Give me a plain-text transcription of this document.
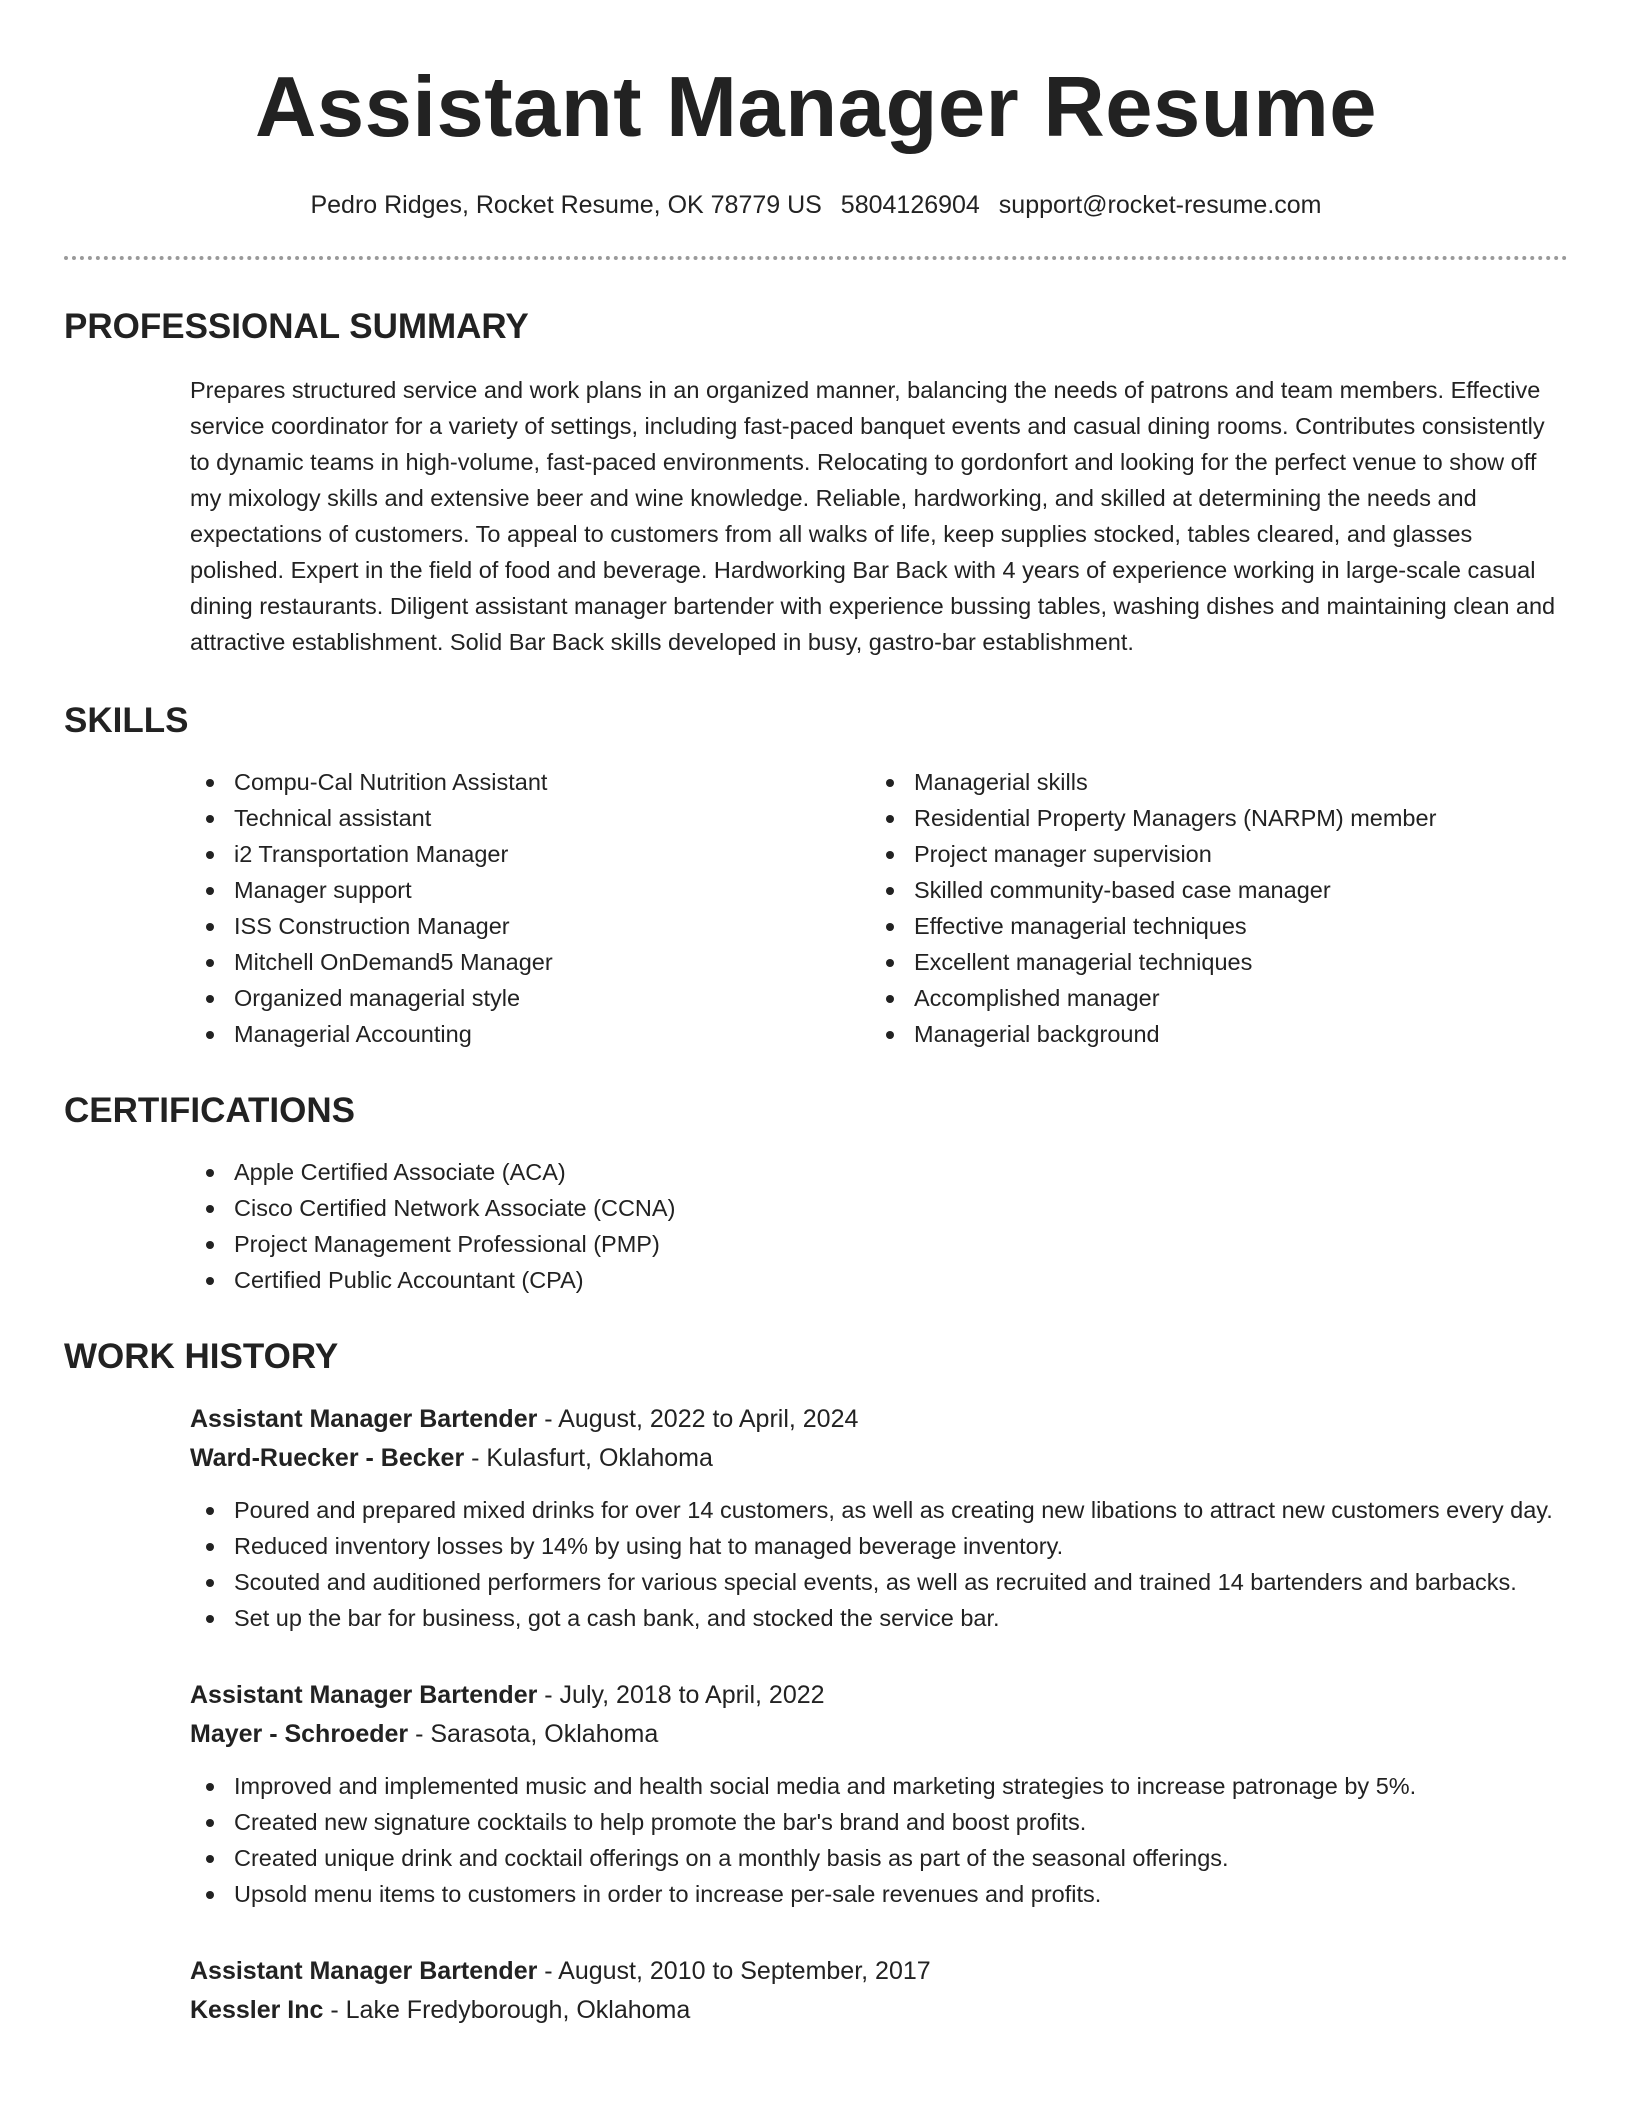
Assistant Manager Resume
Pedro Ridges, Rocket Resume, OK 78779 US 5804126904 support@rocket-resume.com
PROFESSIONAL SUMMARY

Prepares structured service and work plans in an organized manner, balancing the needs of patrons and team members. Effective service coordinator for a variety of settings, including fast-paced banquet events and casual dining rooms. Contributes consistently to dynamic teams in high-volume, fast-paced environments. Relocating to gordonfort and looking for the perfect venue to show off my mixology skills and extensive beer and wine knowledge. Reliable, hardworking, and skilled at determining the needs and expectations of customers. To appeal to customers from all walks of life, keep supplies stocked, tables cleared, and glasses polished. Expert in the field of food and beverage. Hardworking Bar Back with 4 years of experience working in large-scale casual dining restaurants. Diligent assistant manager bartender with experience bussing tables, washing dishes and maintaining clean and attractive establishment. Solid Bar Back skills developed in busy, gastro-bar establishment.

SKILLS
Compu-Cal Nutrition Assistant
Technical assistant
i2 Transportation Manager
Manager support
ISS Construction Manager
Mitchell OnDemand5 Manager
Organized managerial style
Managerial Accounting
Managerial skills
Residential Property Managers (NARPM) member
Project manager supervision
Skilled community-based case manager
Effective managerial techniques
Excellent managerial techniques
Accomplished manager
Managerial background
CERTIFICATIONS
Apple Certified Associate (ACA)
Cisco Certified Network Associate (CCNA)
Project Management Professional (PMP)
Certified Public Accountant (CPA)
WORK HISTORY
Assistant Manager Bartender - August, 2022 to April, 2024
Ward-Ruecker - Becker - Kulasfurt, Oklahoma
Poured and prepared mixed drinks for over 14 customers, as well as creating new libations to attract new customers every day.
Reduced inventory losses by 14% by using hat to managed beverage inventory.
Scouted and auditioned performers for various special events, as well as recruited and trained 14 bartenders and barbacks.
Set up the bar for business, got a cash bank, and stocked the service bar.
Assistant Manager Bartender - July, 2018 to April, 2022
Mayer - Schroeder - Sarasota, Oklahoma
Improved and implemented music and health social media and marketing strategies to increase patronage by 5%.
Created new signature cocktails to help promote the bar's brand and boost profits.
Created unique drink and cocktail offerings on a monthly basis as part of the seasonal offerings.
Upsold menu items to customers in order to increase per-sale revenues and profits.
Assistant Manager Bartender - August, 2010 to September, 2017
Kessler Inc - Lake Fredyborough, Oklahoma
